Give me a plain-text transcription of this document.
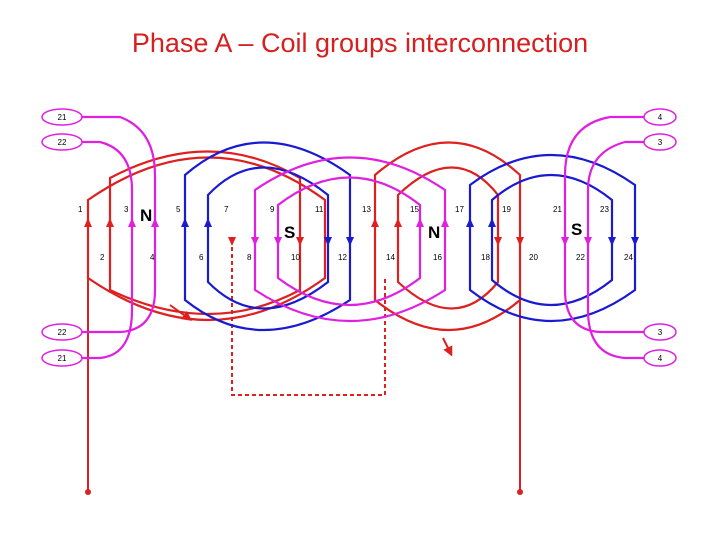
Phase A – Coil groups interconnection
21
22
4
3
22
21
3
4
1
2
3
4
5
6
7
8
9
10
11
12
13
14
15
16
17
18
19
20
21
22
23
24
N
S	N	S
